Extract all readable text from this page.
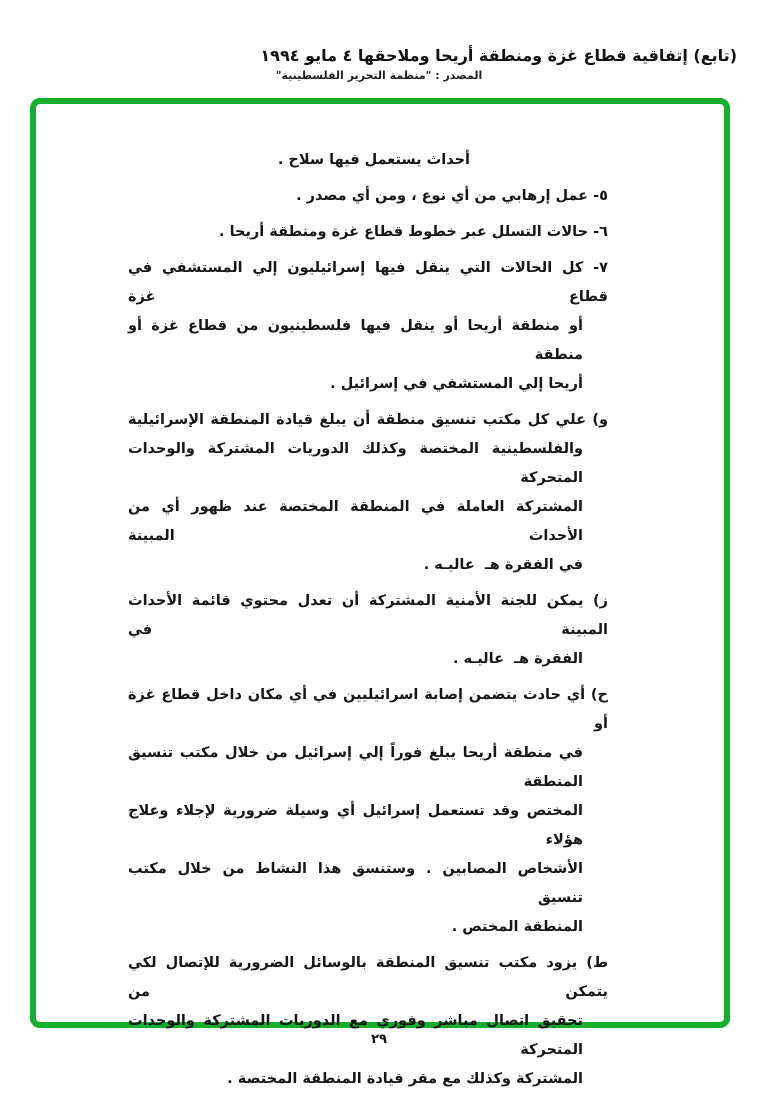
(تابع) إتفاقية قطاع غزة ومنطقة أريحا وملاحقها ٤ مايو ١٩٩٤
المصدر : "منظمة التحرير الفلسطينية"
أحداث يستعمل فيها سلاح .
٥- عمل إرهابي من أي نوع ، ومن أي مصدر .
٦- حالات التسلل عبر خطوط قطاع غزة ومنطقة أريحا .
٧- كل الحالات التي ينقل فيها إسرائيليون إلي المستشفي في قطاع غزة
أو منطقة أريحا أو ينقل فيها فلسطينيون من قطاع غزة أو منطقة
أريحا إلي المستشفي في إسرائيل .
و) علي كل مكتب تنسيق منطقة أن يبلغ قيادة المنطقة الإسرائيلية
والفلسطينية المختصة وكذلك الدوريات المشتركة والوحدات المتحركة
المشتركة العاملة في المنطقة المختصة عند ظهور أي من الأحداث المبينة
في الفقرة هـ ‏ عاليـه .
ز) يمكن للجنة الأمنية المشتركة أن تعدل محتوي قائمة الأحداث المبينة في
الفقرة هـ ‏ عاليـه .
ح) أي حادث يتضمن إصابة اسرائيليين في أي مكان داخل قطاع غزة أو
في منطقة أريحا يبلغ فوراً إلي إسرائيل من خلال مكتب تنسيق المنطقة
المختص وقد تستعمل إسرائيل أي وسيلة ضرورية لإجلاء وعلاج هؤلاء
الأشخاص المصابين . وستنسق هذا النشاط من خلال مكتب تنسيق
المنطقة المختص .
ط) يزود مكتب تنسيق المنطقة بالوسائل الضرورية للإتصال لكي يتمكن من
تحقيق اتصال مباشر وفوري مع الدوريات المشتركة والوحدات المتحركة
المشتركة وكذلك مع مقر قيادة المنطقة المختصة .
٢٩
